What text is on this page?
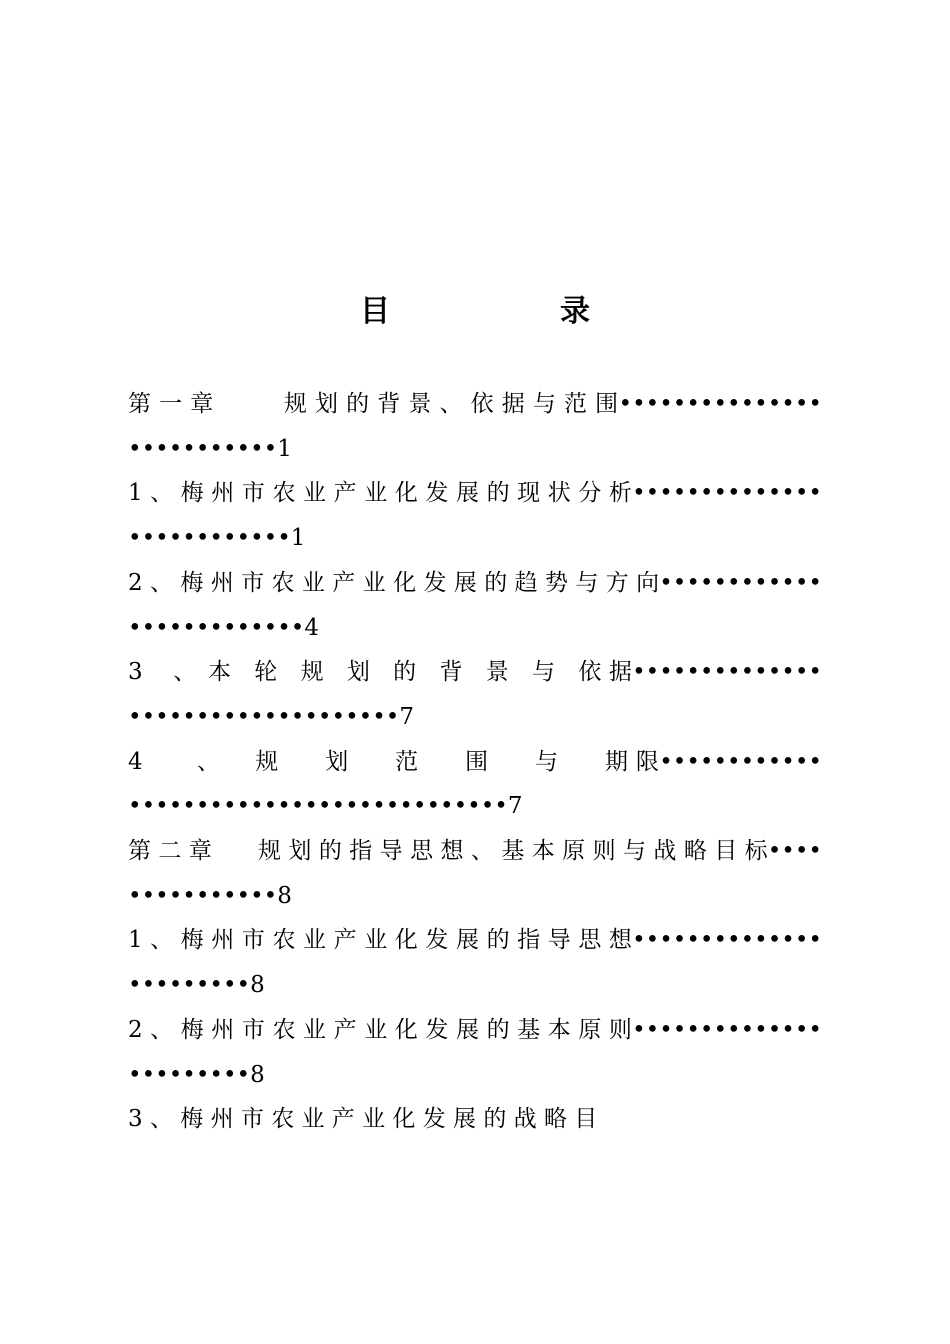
目　录

第 一 章　　　规 划 的 背 景 、 依 据 与 范 围••••••••••••••••••••••••••1

1 、 梅 州 市 农 业 产 业 化 发 展 的 现 状 分 析••••••••••••••••••••••••••1

2 、 梅 州 市 农 业 产 业 化 发 展 的 趋 势 与 方 向•••••••••••••••••••••••••4

3 　、　本　轮　规　划　的　背　景　与　依 据••••••••••••••••••••••••••••••••••7

4 　　、　　规　　划　　范　　围　　与　　期 限••••••••••••••••••••••••••••••••••••••••7

第 二 章　　规 划 的 指 导 思 想 、 基 本 原 则 与 战 略 目 标•••••••••••••••8

1 、 梅 州 市 农 业 产 业 化 发 展 的 指 导 思 想•••••••••••••••••••••••8

2 、 梅 州 市 农 业 产 业 化 发 展 的 基 本 原 则•••••••••••••••••••••••8

3 、 梅 州 市 农 业 产 业 化 发 展 的 战 略 目
